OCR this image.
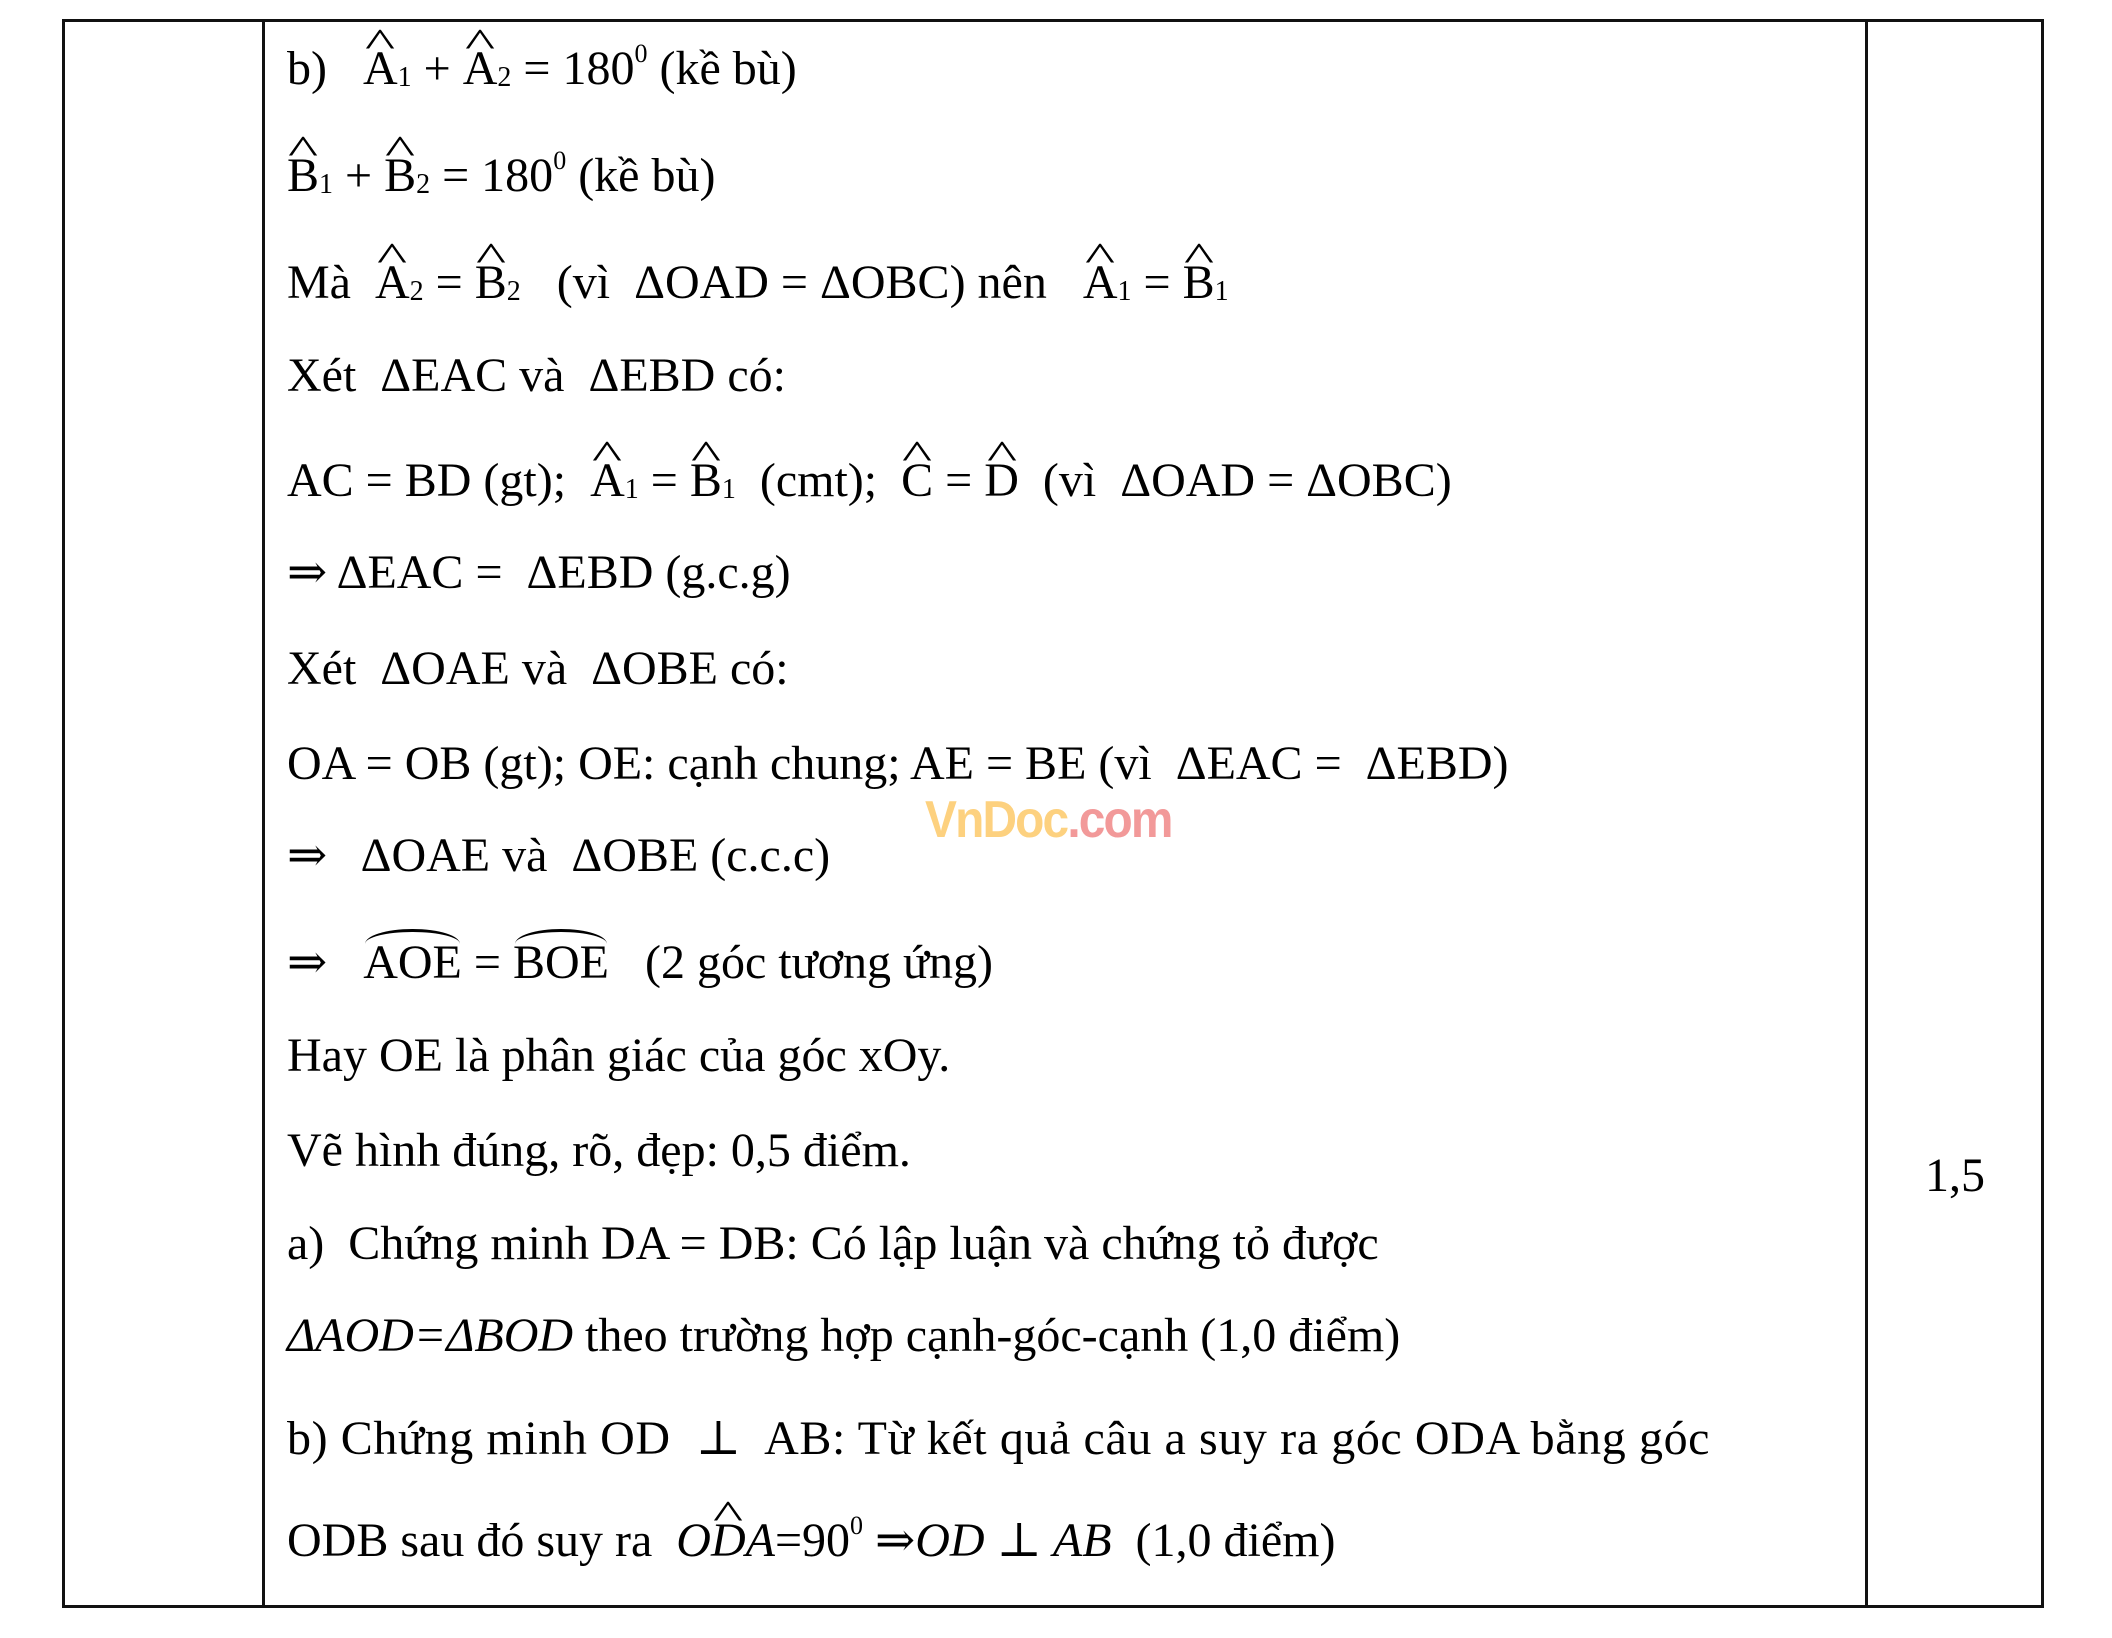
b) ^ $A_1$ + ^ $A_2 = 180^0$ (kề bù)
^ $B_1$ + ^ $B_2 = 180^0$ (kề bù)
Mà  ^ $A_2$ = ^ $B_2$   (vì  ΔOAD = ΔOBC) nên   ^ $A_1$ = ^ $B_1$
Xét  ΔEAC và  ΔEBD có:
AC = BD (gt);  ^ $A_1$ = ^ $B_1$  (cmt);  ^ C = ^ D  (vì  ΔOAD = ΔOBC)
⇒ ΔEAC =  ΔEBD (g.c.g)
Xét  ΔOAE và  ΔOBE có:
OA = OB (gt); OE: cạnh chung; AE = BE (vì  ΔEAC =  ΔEBD)
⇒   ΔOAE và  ΔOBE (c.c.c)
⇒   AOE = BOE   (2 góc tương ứng)
Hay OE là phân giác của góc xOy.
Vẽ hình đúng, rõ, đẹp: 0,5 điểm.
a)  Chứng minh DA = DB: Có lập luận và chứng tỏ được
ΔAOD=ΔBOD theo trường hợp cạnh-góc-cạnh (1,0 điểm)
b) Chứng minh OD  ⊥  AB: Từ kết quả câu a suy ra góc ODA bằng góc
ODB sau đó suy ra  O^ $DA=90^0$ ⇒OD ⊥ AB  (1,0 điểm)
1,5
VnDoc.com
